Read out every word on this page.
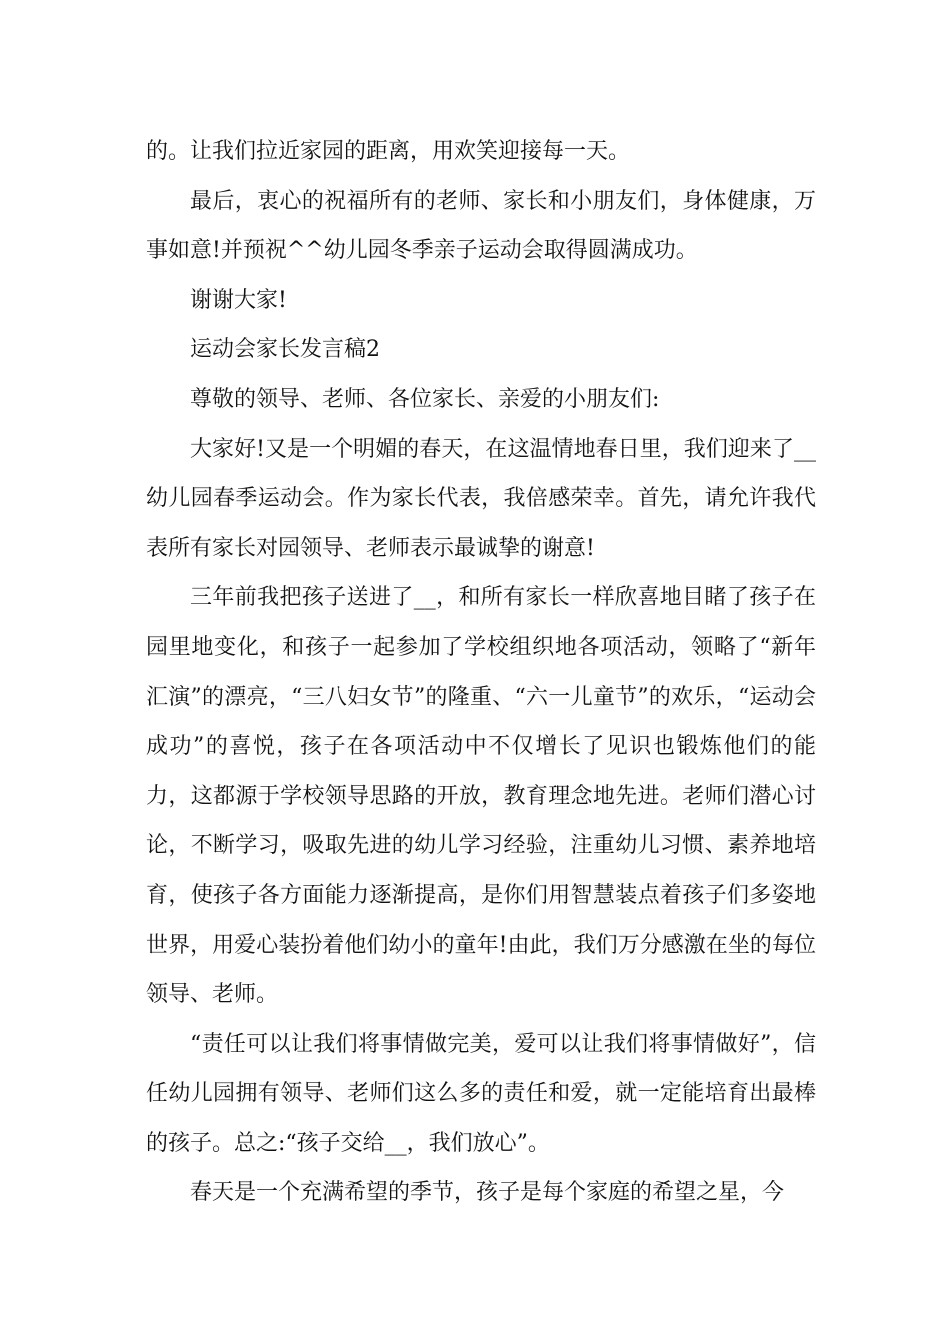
的。让我们拉近家园的距离，用欢笑迎接每一天。

最后，衷心的祝福所有的老师、家长和小朋友们，身体健康，万事如意!并预祝^^幼儿园冬季亲子运动会取得圆满成功。

谢谢大家!

运动会家长发言稿2

尊敬的领导、老师、各位家长、亲爱的小朋友们:

大家好!又是一个明媚的春天，在这温情地春日里，我们迎来了__幼儿园春季运动会。作为家长代表，我倍感荣幸。首先，请允许我代表所有家长对园领导、老师表示最诚挚的谢意!

三年前我把孩子送进了__，和所有家长一样欣喜地目睹了孩子在园里地变化，和孩子一起参加了学校组织地各项活动，领略了“新年汇演”的漂亮，“三八妇女节”的隆重、“六一儿童节”的欢乐，“运动会成功”的喜悦，孩子在各项活动中不仅增长了见识也锻炼他们的能力，这都源于学校领导思路的开放，教育理念地先进。老师们潜心讨论，不断学习，吸取先进的幼儿学习经验，注重幼儿习惯、素养地培育，使孩子各方面能力逐渐提高，是你们用智慧装点着孩子们多姿地世界，用爱心装扮着他们幼小的童年!由此，我们万分感激在坐的每位领导、老师。

“责任可以让我们将事情做完美，爱可以让我们将事情做好”，信任幼儿园拥有领导、老师们这么多的责任和爱，就一定能培育出最棒的孩子。总之:“孩子交给__，我们放心”。

春天是一个充满希望的季节，孩子是每个家庭的希望之星，今
